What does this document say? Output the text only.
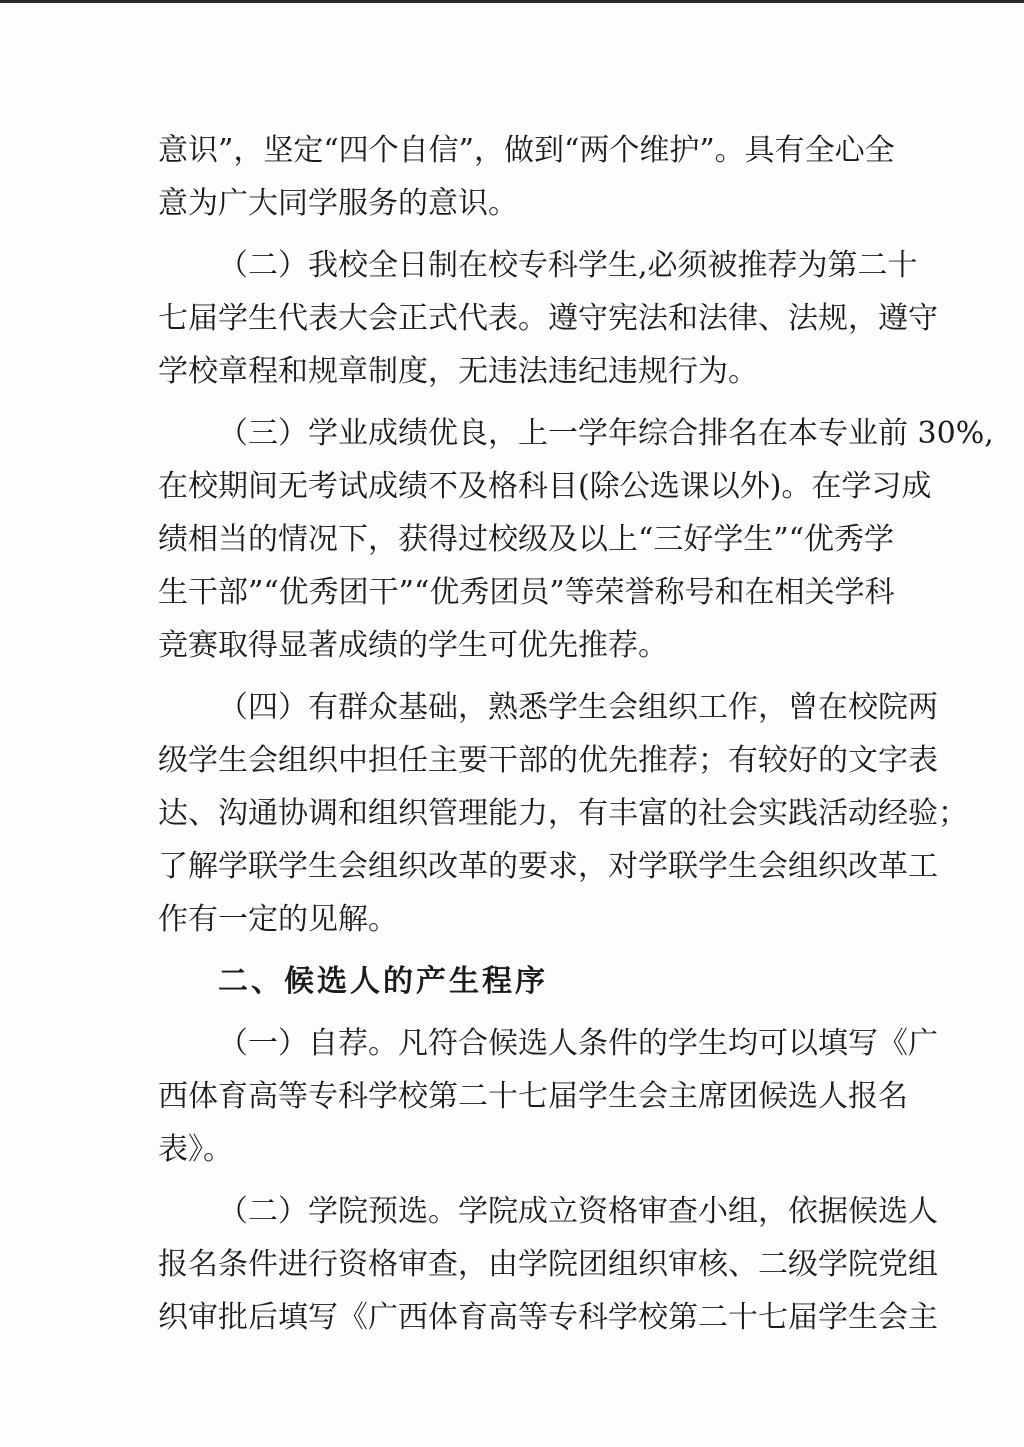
意识”，坚定“四个自信”，做到“两个维护”。具有全心全
意为广大同学服务的意识。
（二）我校全日制在校专科学生,必须被推荐为第二十
七届学生代表大会正式代表。遵守宪法和法律、法规，遵守
学校章程和规章制度，无违法违纪违规行为。
（三）学业成绩优良，上一学年综合排名在本专业前 30%,
在校期间无考试成绩不及格科目(除公选课以外)。在学习成
绩相当的情况下，获得过校级及以上“三好学生”“优秀学
生干部”“优秀团干”“优秀团员”等荣誉称号和在相关学科
竞赛取得显著成绩的学生可优先推荐。
（四）有群众基础，熟悉学生会组织工作，曾在校院两
级学生会组织中担任主要干部的优先推荐；有较好的文字表
达、沟通协调和组织管理能力，有丰富的社会实践活动经验；
了解学联学生会组织改革的要求，对学联学生会组织改革工
作有一定的见解。
二、候选人的产生程序
（一）自荐。凡符合候选人条件的学生均可以填写《广
西体育高等专科学校第二十七届学生会主席团候选人报名
表》。
（二）学院预选。学院成立资格审查小组，依据候选人
报名条件进行资格审查，由学院团组织审核、二级学院党组
织审批后填写《广西体育高等专科学校第二十七届学生会主
